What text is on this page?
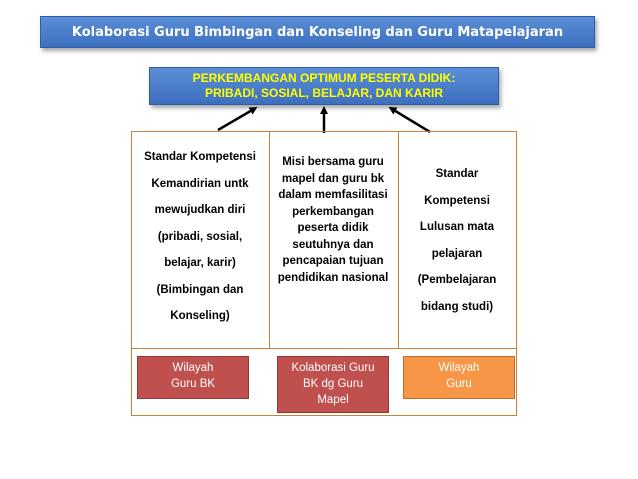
Kolaborasi Guru Bimbingan dan Konseling dan Guru Matapelajaran
PERKEMBANGAN OPTIMUM PESERTA DIDIK:
PRIBADI, SOSIAL, BELAJAR, DAN KARIR
Standar Kompetensi
Kemandirian untk
mewujudkan diri
(pribadi, sosial,
belajar, karir)
(Bimbingan dan
Konseling)
Misi bersama guru
mapel dan guru bk
dalam memfasilitasi
perkembangan
peserta didik
seutuhnya dan
pencapaian tujuan
pendidikan nasional
Standar
Kompetensi
Lulusan mata
pelajaran
(Pembelajaran
bidang studi)
Wilayah
Guru BK
Kolaborasi Guru
BK dg Guru
Mapel
Wilayah
Guru
